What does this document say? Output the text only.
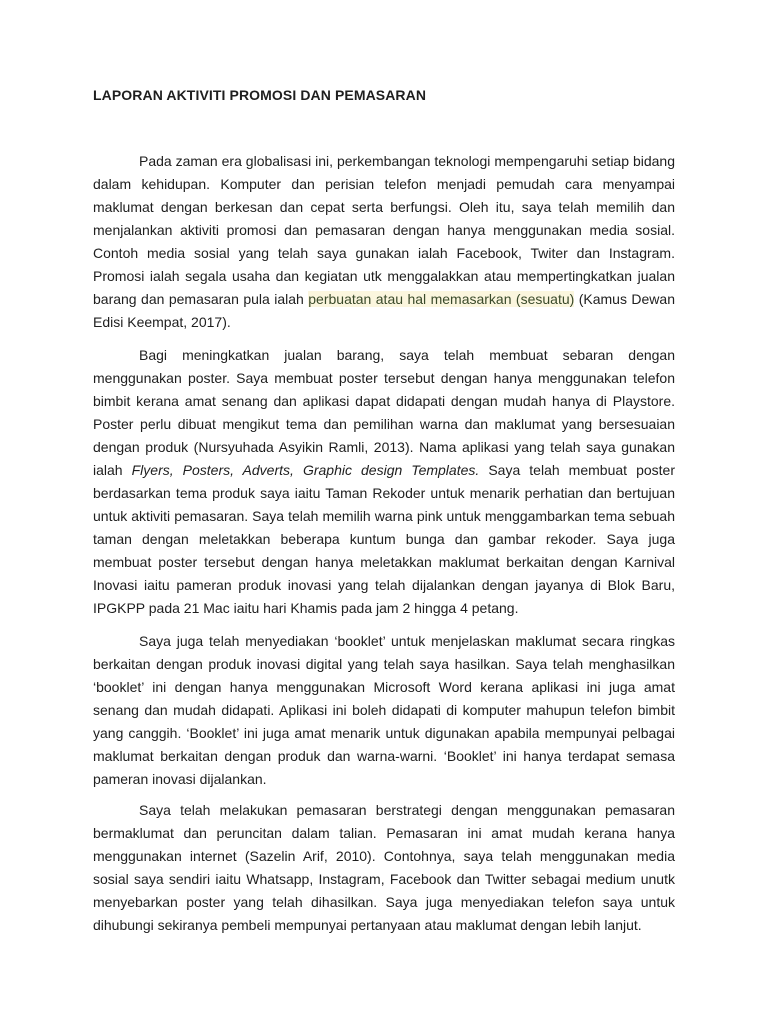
LAPORAN AKTIVITI PROMOSI DAN PEMASARAN

Pada zaman era globalisasi ini, perkembangan teknologi mempengaruhi setiap bidang dalam kehidupan. Komputer dan perisian telefon menjadi pemudah cara menyampai maklumat dengan berkesan dan cepat serta berfungsi. Oleh itu, saya telah memilih dan menjalankan aktiviti promosi dan pemasaran dengan hanya menggunakan media sosial. Contoh media sosial yang telah saya gunakan ialah Facebook, Twiter dan Instagram. Promosi ialah segala usaha dan kegiatan utk menggalakkan atau mempertingkatkan jualan barang dan pemasaran pula ialah perbuatan atau hal memasarkan (sesuatu) (Kamus Dewan Edisi Keempat, 2017).

Bagi meningkatkan jualan barang, saya telah membuat sebaran dengan menggunakan poster. Saya membuat poster tersebut dengan hanya menggunakan telefon bimbit kerana amat senang dan aplikasi dapat didapati dengan mudah hanya di Playstore. Poster perlu dibuat mengikut tema dan pemilihan warna dan maklumat yang bersesuaian dengan produk (Nursyuhada Asyikin Ramli, 2013). Nama aplikasi yang telah saya gunakan ialah Flyers, Posters, Adverts, Graphic design Templates. Saya telah membuat poster berdasarkan tema produk saya iaitu Taman Rekoder untuk menarik perhatian dan bertujuan untuk aktiviti pemasaran. Saya telah memilih warna pink untuk menggambarkan tema sebuah taman dengan meletakkan beberapa kuntum bunga dan gambar rekoder. Saya juga membuat poster tersebut dengan hanya meletakkan maklumat berkaitan dengan Karnival Inovasi iaitu pameran produk inovasi yang telah dijalankan dengan jayanya di Blok Baru, IPGKPP pada 21 Mac iaitu hari Khamis pada jam 2 hingga 4 petang.

Saya juga telah menyediakan ‘booklet’ untuk menjelaskan maklumat secara ringkas berkaitan dengan produk inovasi digital yang telah saya hasilkan. Saya telah menghasilkan ‘booklet’ ini dengan hanya menggunakan Microsoft Word kerana aplikasi ini juga amat senang dan mudah didapati. Aplikasi ini boleh didapati di komputer mahupun telefon bimbit yang canggih. ‘Booklet’ ini juga amat menarik untuk digunakan apabila mempunyai pelbagai maklumat berkaitan dengan produk dan warna-warni. ‘Booklet’ ini hanya terdapat semasa pameran inovasi dijalankan.

Saya telah melakukan pemasaran berstrategi dengan menggunakan pemasaran bermaklumat dan peruncitan dalam talian. Pemasaran ini amat mudah kerana hanya menggunakan internet (Sazelin Arif, 2010). Contohnya, saya telah menggunakan media sosial saya sendiri iaitu Whatsapp, Instagram, Facebook dan Twitter sebagai medium unutk menyebarkan poster yang telah dihasilkan. Saya juga menyediakan telefon saya untuk dihubungi sekiranya pembeli mempunyai pertanyaan atau maklumat dengan lebih lanjut.
